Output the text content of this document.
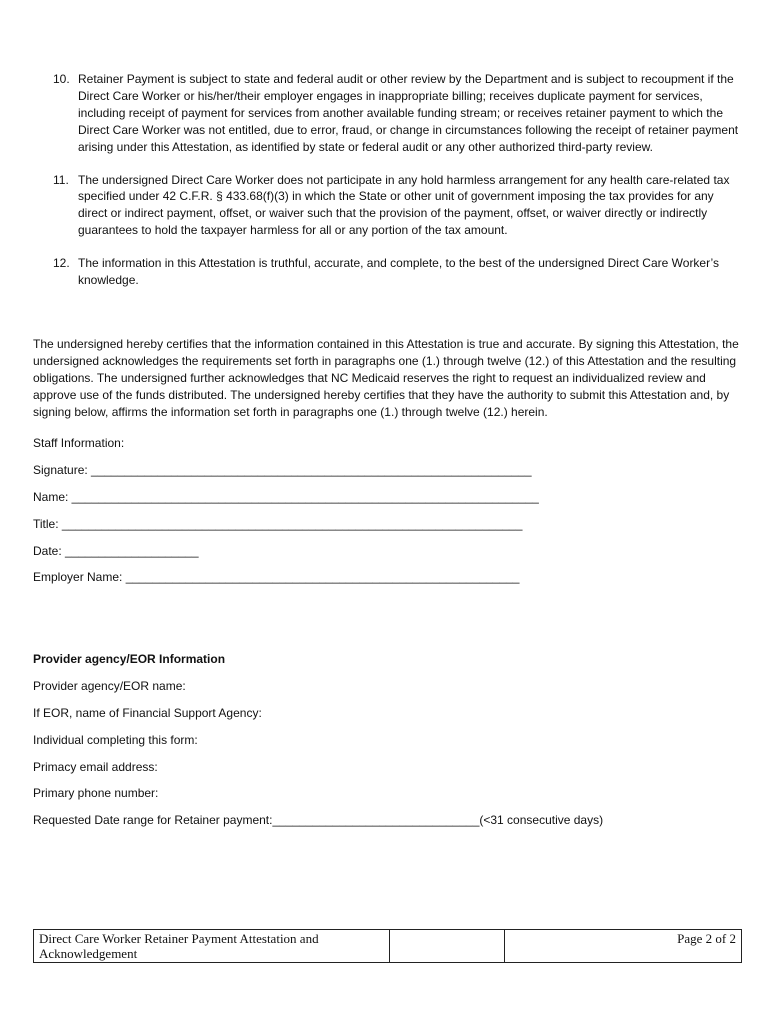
10. Retainer Payment is subject to state and federal audit or other review by the Department and is subject to recoupment if the Direct Care Worker or his/her/their employer engages in inappropriate billing; receives duplicate payment for services, including receipt of payment for services from another available funding stream; or receives retainer payment to which the Direct Care Worker was not entitled, due to error, fraud, or change in circumstances following the receipt of retainer payment arising under this Attestation, as identified by state or federal audit or any other authorized third-party review.
11. The undersigned Direct Care Worker does not participate in any hold harmless arrangement for any health care-related tax specified under 42 C.F.R. § 433.68(f)(3) in which the State or other unit of government imposing the tax provides for any direct or indirect payment, offset, or waiver such that the provision of the payment, offset, or waiver directly or indirectly guarantees to hold the taxpayer harmless for all or any portion of the tax amount.
12. The information in this Attestation is truthful, accurate, and complete, to the best of the undersigned Direct Care Worker’s knowledge.

The undersigned hereby certifies that the information contained in this Attestation is true and accurate. By signing this Attestation, the undersigned acknowledges the requirements set forth in paragraphs one (1.) through twelve (12.) of this Attestation and the resulting obligations. The undersigned further acknowledges that NC Medicaid reserves the right to request an individualized review and approve use of the funds distributed. The undersigned hereby certifies that they have the authority to submit this Attestation and, by signing below, affirms the information set forth in paragraphs one (1.) through twelve (12.) herein.

Staff Information:
Signature: __________________________________________________________________
Name: ______________________________________________________________________
Title: _____________________________________________________________________
Date: ____________________
Employer Name: ___________________________________________________________
Provider agency/EOR Information
Provider agency/EOR name:
If EOR, name of Financial Support Agency:
Individual completing this form:
Primacy email address:
Primary phone number:
Requested Date range for Retainer payment:_______________________________(<31 consecutive days)
Direct Care Worker Retainer Payment Attestation and Acknowledgement		Page 2 of 2
